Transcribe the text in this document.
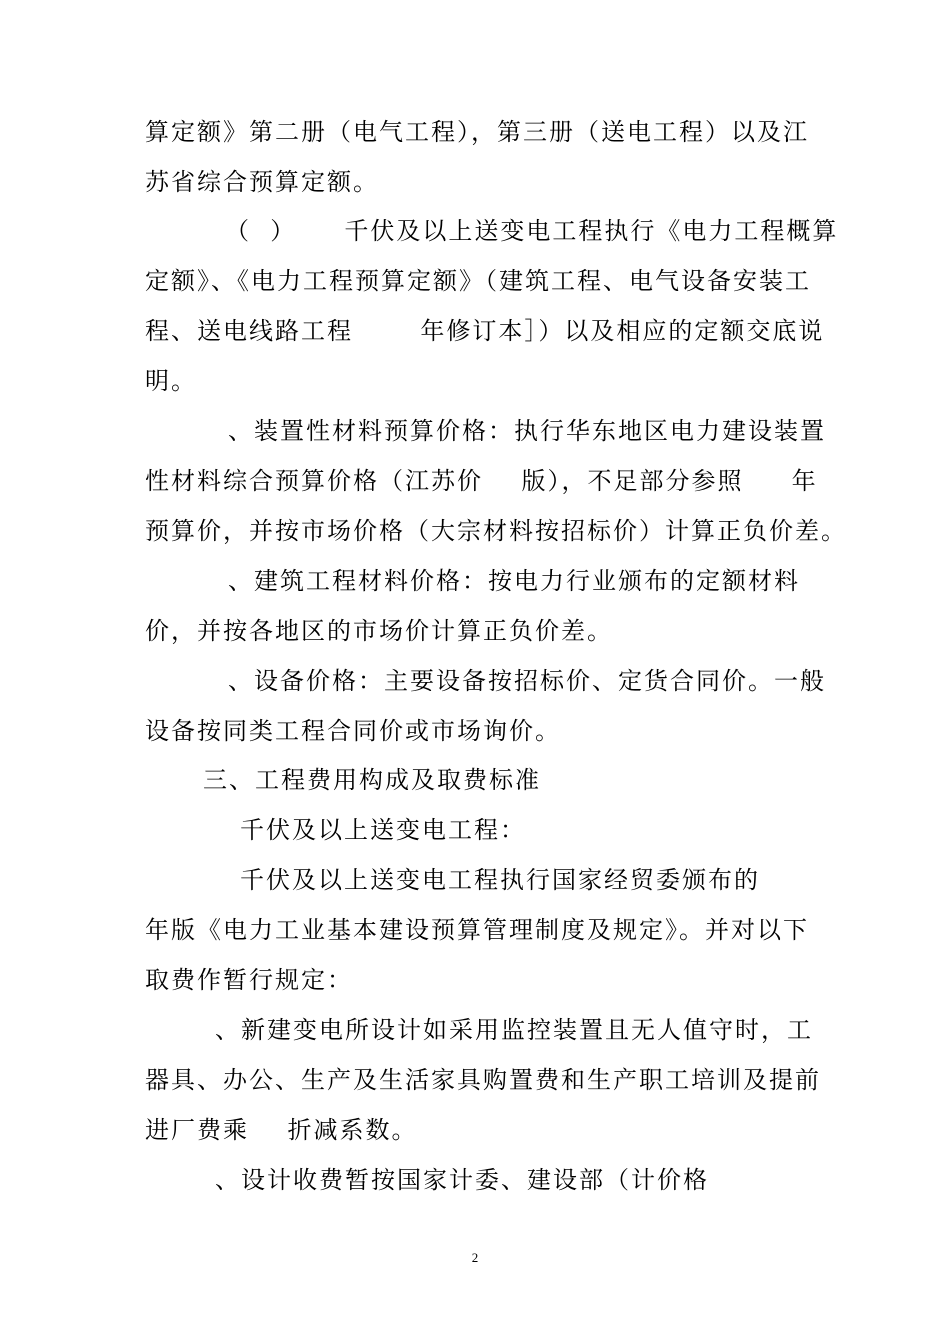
算定额》第二册（电气工程），第三册（送电工程）以及江
苏省综合预算定额。
（  ）     千伏及以上送变电工程执行《电力工程概算
定额》、《电力工程预算定额》（建筑工程、电气设备安装工
程、送电线路工程       年修订本］）以及相应的定额交底说
明。
、装置性材料预算价格：执行华东地区电力建设装置
性材料综合预算价格（江苏价    版），不足部分参照     年
预算价，并按市场价格（大宗材料按招标价）计算正负价差。
、建筑工程材料价格：按电力行业颁布的定额材料
价，并按各地区的市场价计算正负价差。
、设备价格：主要设备按招标价、定货合同价。一般
设备按同类工程合同价或市场询价。
三、工程费用构成及取费标准
千伏及以上送变电工程：
千伏及以上送变电工程执行国家经贸委颁布的
年版《电力工业基本建设预算管理制度及规定》。并对以下
取费作暂行规定：
、新建变电所设计如采用监控装置且无人值守时，工
器具、办公、生产及生活家具购置费和生产职工培训及提前
进厂费乘    折减系数。
、设计收费暂按国家计委、建设部（计价格
2
